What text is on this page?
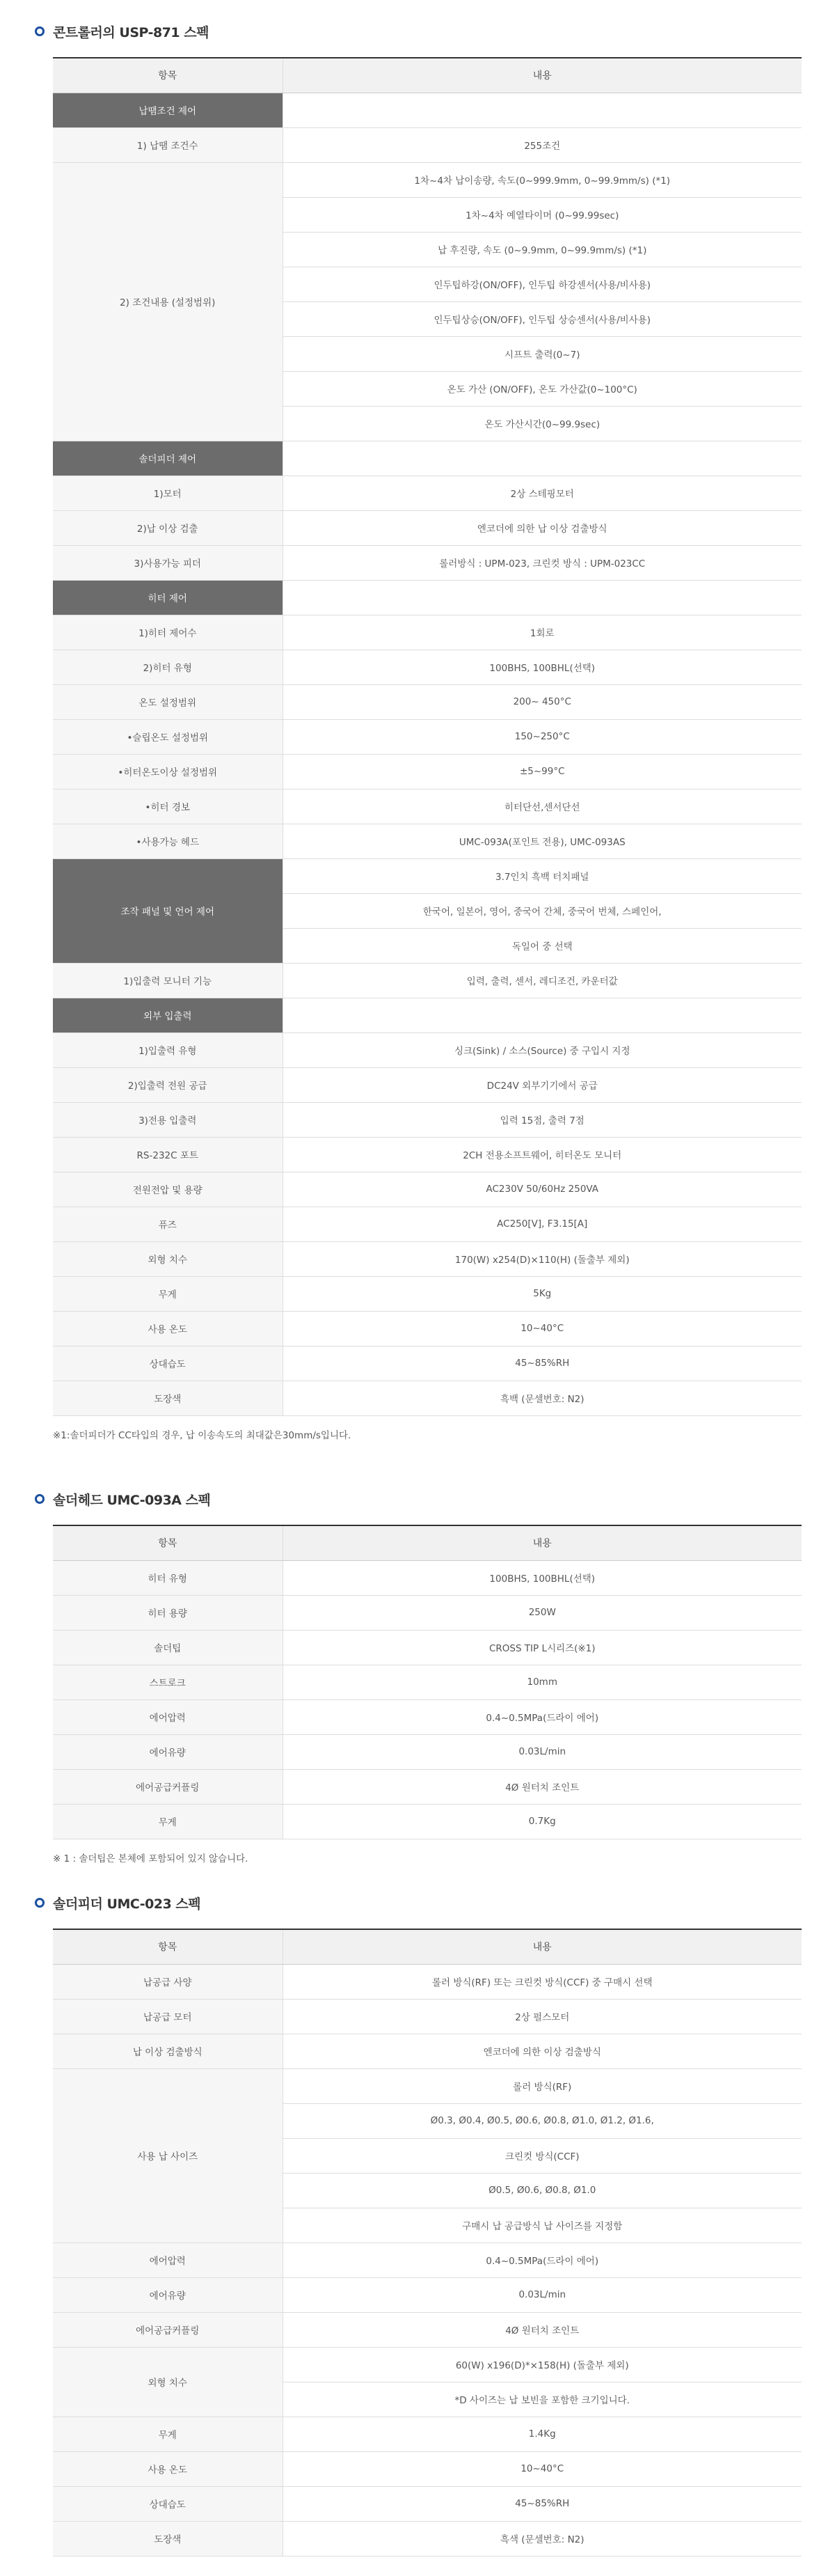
콘트롤러의 USP-871 스펙
항목	내용
납땜조건 제어	
1) 납땜 조건수	255조건
2) 조건내용 (설정범위)	1차~4차 납이송량, 속도(0~999.9mm, 0~99.9mm/s) (*1)
	1차~4차 예열타이머 (0~99.99sec)
	납 후진량, 속도 (0~9.9mm, 0~99.9mm/s) (*1)
	인두팁하강(ON/OFF), 인두팁 하강센서(사용/비사용)
	인두팁상승(ON/OFF), 인두팁 상승센서(사용/비사용)
	시프트 출력(0~7)
	온도 가산 (ON/OFF), 온도 가산값(0~100°C)
	온도 가산시간(0~99.9sec)
솔더피더 제어	
1)모터	2상 스테핑모터
2)납 이상 검출	엔코더에 의한 납 이상 검출방식
3)사용가능 피더	롤러방식 : UPM-023, 크린컷 방식 : UPM-023CC
히터 제어	
1)히터 제어수	1회로
2)히터 유형	100BHS, 100BHL(선택)
온도 설정범위	200~ 450°C
•슬립온도 설정범위	150~250°C
•히터온도이상 설정범위	±5~99°C
•히터 경보	히터단선,센서단선
•사용가능 헤드	UMC-093A(포인트 전용), UMC-093AS
조작 패널 및 언어 제어	3.7인치 흑백 터치패널
	한국어, 일본어, 영어, 중국어 간체, 중국어 번체, 스페인어,
	독일어 중 선택
1)입출력 모니터 기능	입력, 출력, 센서, 레디조건, 카운터값
외부 입출력	
1)입출력 유형	싱크(Sink) / 소스(Source) 중 구입시 지정
2)입출력 전원 공급	DC24V 외부기기에서 공급
3)전용 입출력	입력 15점, 출력 7점
RS-232C 포트	2CH 전용소프트웨어, 히터온도 모니터
전원전압 및 용량	AC230V 50/60Hz 250VA
퓨즈	AC250[V], F3.15[A]
외형 치수	170(W) x254(D)×110(H) (돌출부 제외)
무게	5Kg
사용 온도	10~40°C
상대습도	45~85%RH
도장색	흑백 (문셀번호: N2)
※1:솔더피더가 CC타입의 경우, 납 이송속도의 최대값은30mm/s입니다.
솔더헤드 UMC-093A 스펙
항목	내용
히터 유형	100BHS, 100BHL(선택)
히터 용량	250W
솔더팁	CROSS TIP L시리즈(※1)
스트로크	10mm
에어압력	0.4~0.5MPa(드라이 에어)
에어유량	0.03L/min
에어공급커플링	4Ø 원터치 조인트
무게	0.7Kg
※ 1 : 솔더팁은 본체에 포함되어 있지 않습니다.
솔더피더 UMC-023 스펙
항목	내용
납공급 사양	롤러 방식(RF) 또는 크린컷 방식(CCF) 중 구매시 선택
납공급 모터	2상 펄스모터
납 이상 검출방식	엔코더에 의한 이상 검출방식
사용 납 사이즈	롤러 방식(RF)
	Ø0.3, Ø0.4, Ø0.5, Ø0.6, Ø0.8, Ø1.0, Ø1.2, Ø1.6,
	크린컷 방식(CCF)
	Ø0.5, Ø0.6, Ø0.8, Ø1.0
	구매시 납 공급방식 납 사이즈를 지정함
에어압력	0.4~0.5MPa(드라이 에어)
에어유량	0.03L/min
에어공급커플링	4Ø 원터치 조인트
외형 치수	60(W) x196(D)*×158(H) (돌출부 제외)
	*D 사이즈는 납 보빈을 포함한 크기입니다.
무게	1.4Kg
사용 온도	10~40°C
상대습도	45~85%RH
도장색	흑색 (문셀번호: N2)
